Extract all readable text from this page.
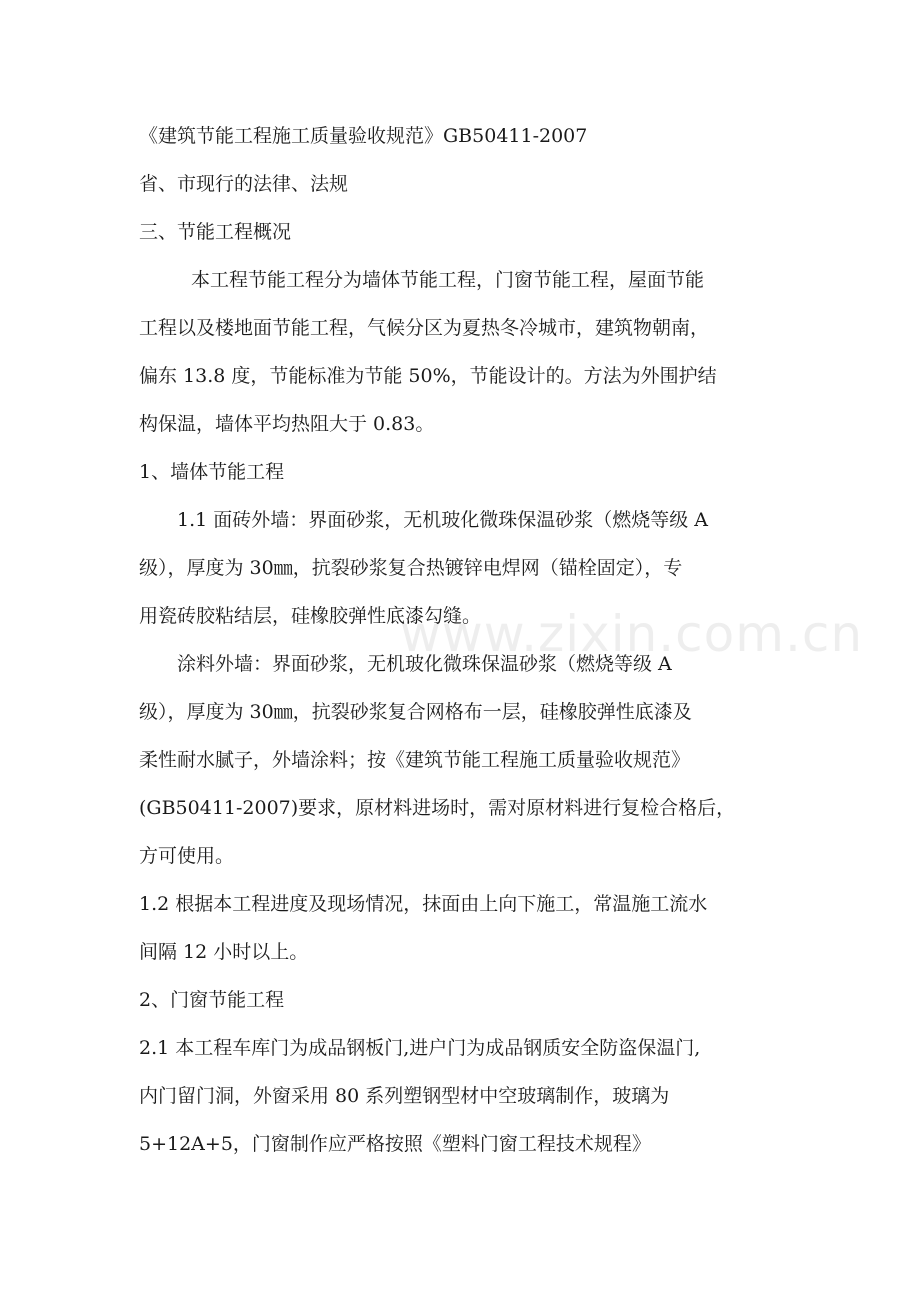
《建筑节能工程施工质量验收规范》GB50411-2007
省、市现行的法律、法规
三、节能工程概况
本工程节能工程分为墙体节能工程，门窗节能工程，屋面节能
工程以及楼地面节能工程，气候分区为夏热冬冷城市，建筑物朝南，
偏东 13.8 度，节能标准为节能 50%，节能设计的。方法为外围护结
构保温，墙体平均热阻大于 0.83。
1、墙体节能工程
1.1 面砖外墙：界面砂浆，无机玻化微珠保温砂浆（燃烧等级 A
级），厚度为 30㎜，抗裂砂浆复合热镀锌电焊网（锚栓固定），专
用瓷砖胶粘结层，硅橡胶弹性底漆勾缝。
涂料外墙：界面砂浆，无机玻化微珠保温砂浆（燃烧等级 A
级），厚度为 30㎜，抗裂砂浆复合网格布一层，硅橡胶弹性底漆及
柔性耐水腻子，外墙涂料；按《建筑节能工程施工质量验收规范》
(GB50411-2007)要求，原材料进场时，需对原材料进行复检合格后，
方可使用。
1.2 根据本工程进度及现场情况，抹面由上向下施工，常温施工流水
间隔 12 小时以上。
2、门窗节能工程
2.1 本工程车库门为成品钢板门,进户门为成品钢质安全防盗保温门,
内门留门洞，外窗采用 80 系列塑钢型材中空玻璃制作，玻璃为
5+12A+5，门窗制作应严格按照《塑料门窗工程技术规程》
www.zixin.com.cn
